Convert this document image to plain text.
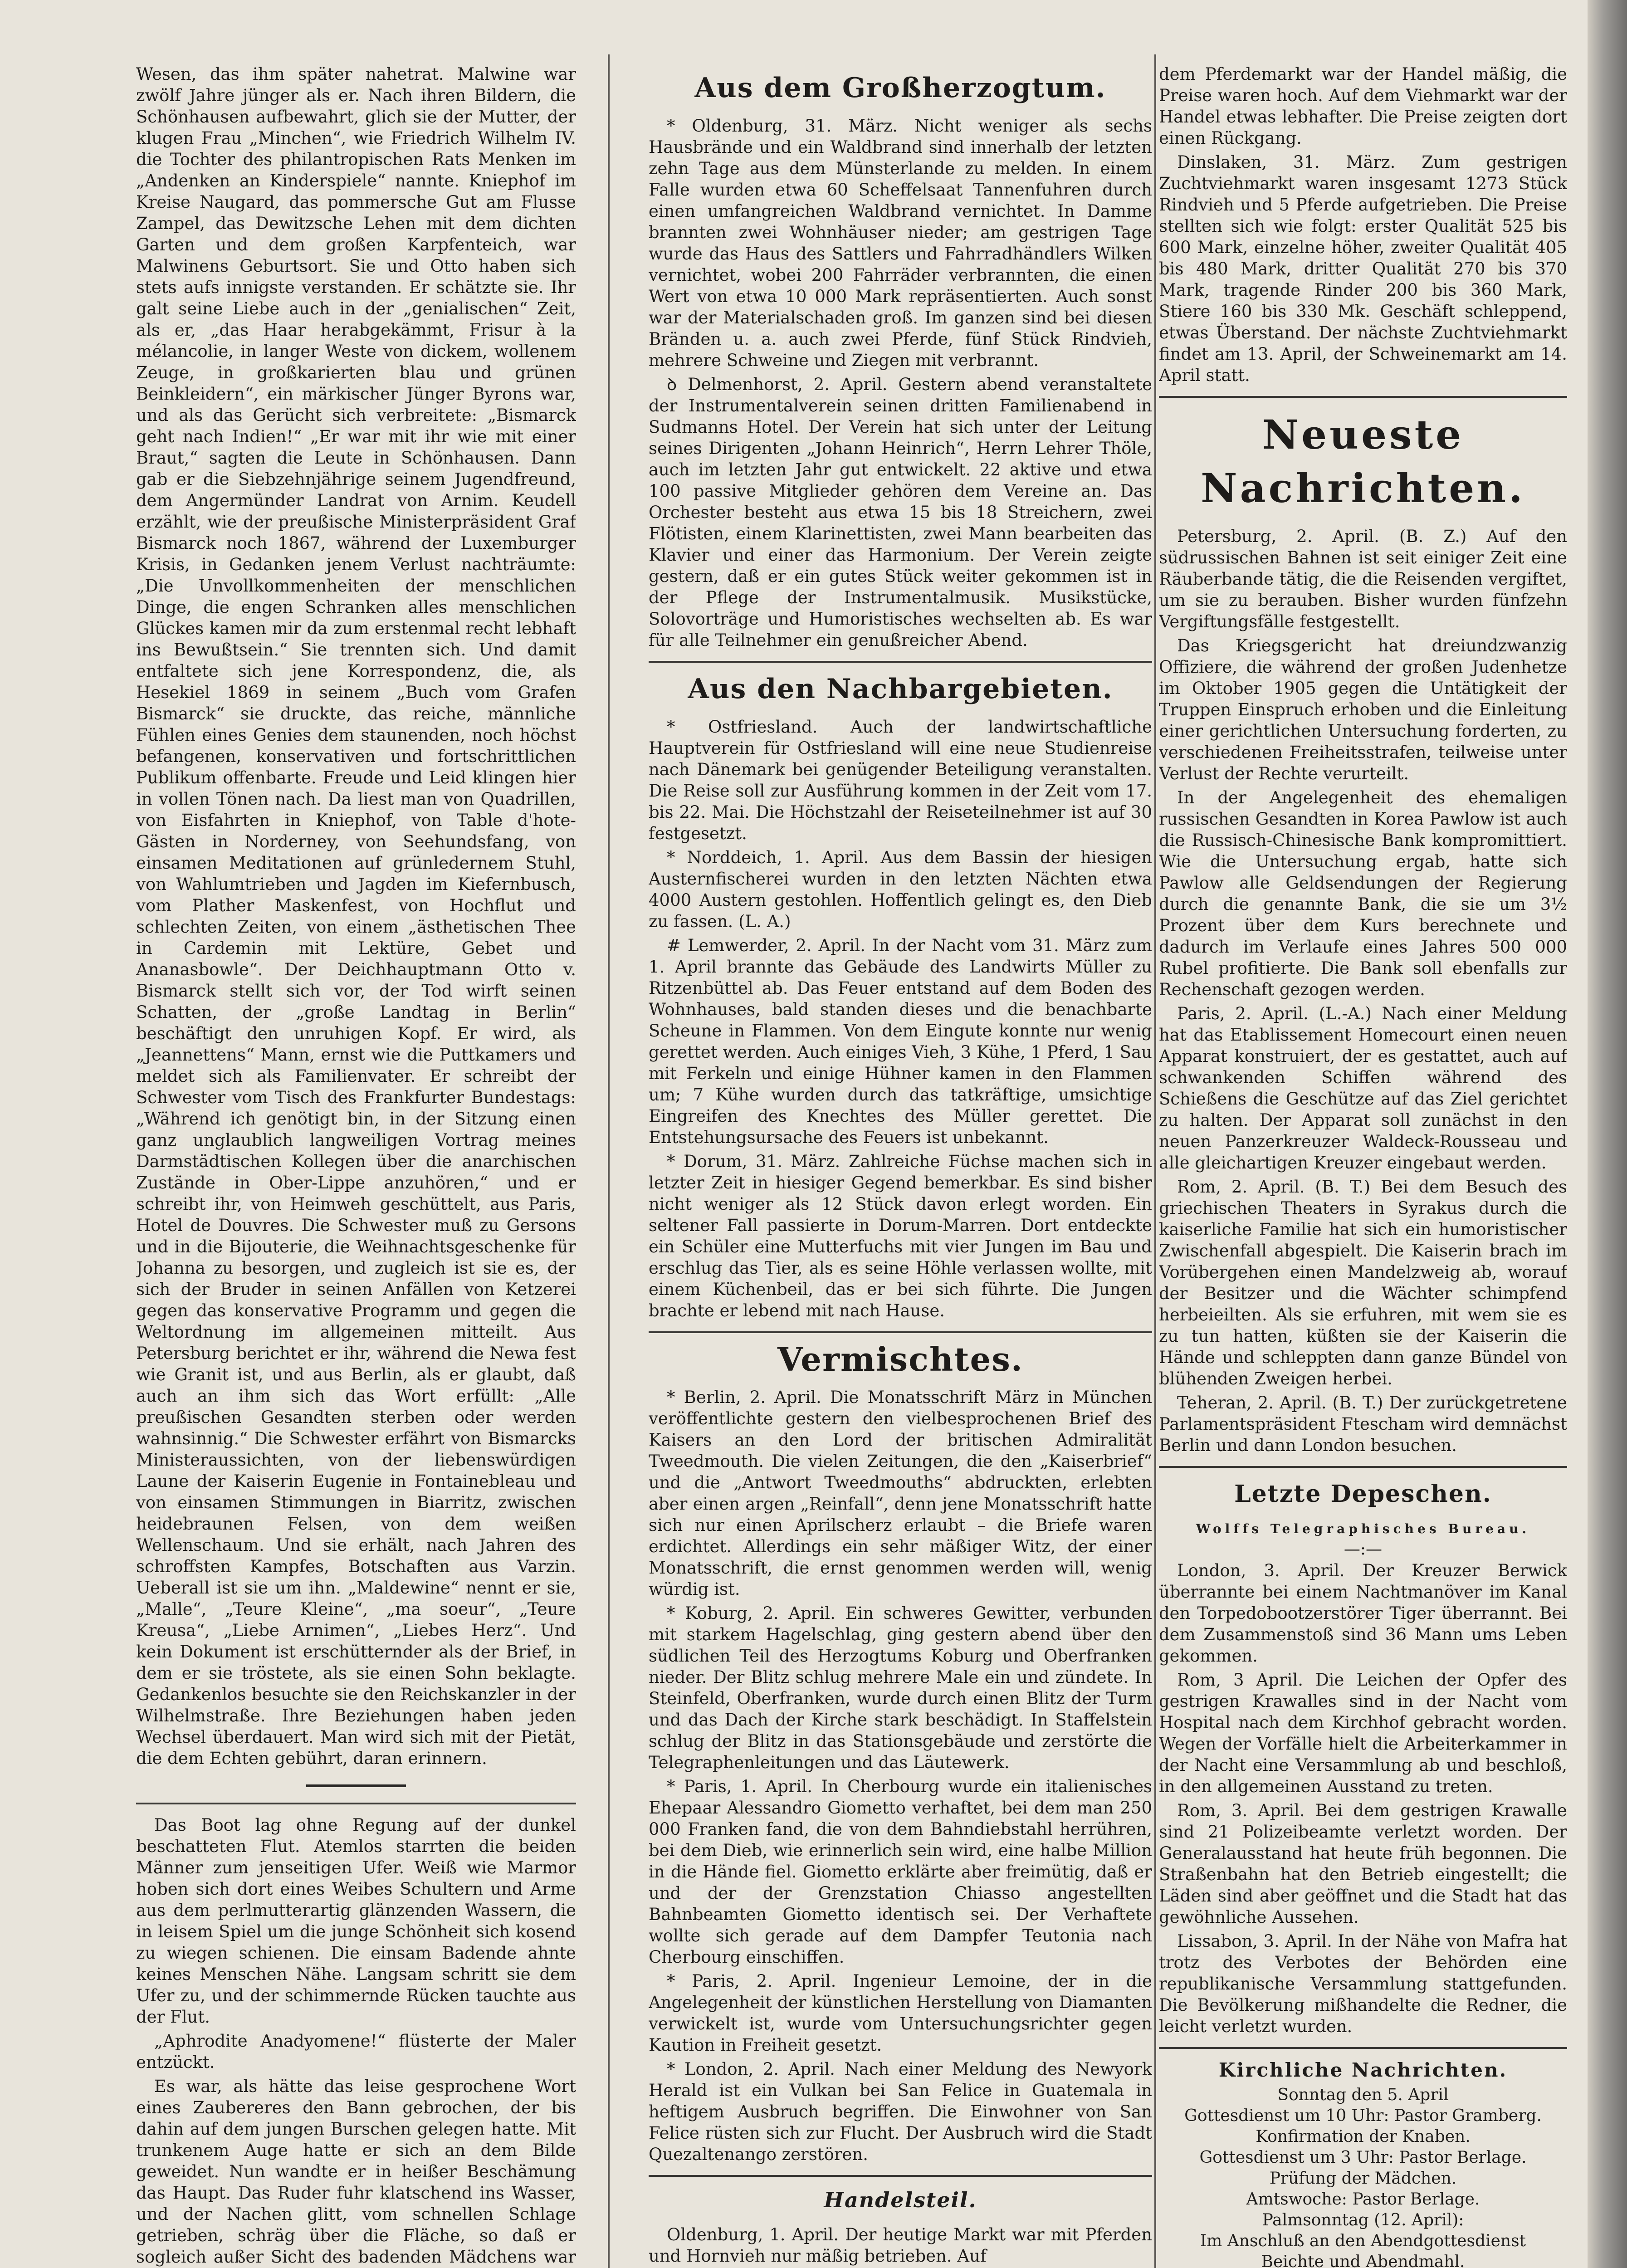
Wesen, das ihm später nahetrat. Malwine war zwölf Jahre jünger als er. Nach ihren Bildern, die Schönhausen aufbewahrt, glich sie der Mutter, der klugen Frau „Minchen“, wie Friedrich Wilhelm IV. die Tochter des philantropischen Rats Menken im „Andenken an Kinderspiele“ nannte. Kniephof im Kreise Naugard, das pommersche Gut am Flusse Zampel, das Dewitzsche Lehen mit dem dichten Garten und dem großen Karpfenteich, war Malwinens Geburtsort. Sie und Otto haben sich stets aufs innigste verstanden. Er schätzte sie. Ihr galt seine Liebe auch in der „genialischen“ Zeit, als er, „das Haar herabgekämmt, Frisur à la mélancolie, in langer Weste von dickem, wollenem Zeuge, in großkarierten blau und grünen Beinkleidern“, ein märkischer Jünger Byrons war, und als das Gerücht sich verbreitete: „Bismarck geht nach Indien!“ „Er war mit ihr wie mit einer Braut,“ sagten die Leute in Schönhausen. Dann gab er die Siebzehnjährige seinem Jugendfreund, dem Angermünder Landrat von Arnim. Keudell erzählt, wie der preußische Ministerpräsident Graf Bismarck noch 1867, während der Luxemburger Krisis, in Gedanken jenem Verlust nachträumte: „Die Unvollkommenheiten der menschlichen Dinge, die engen Schranken alles menschlichen Glückes kamen mir da zum erstenmal recht lebhaft ins Bewußtsein.“ Sie trennten sich. Und damit entfaltete sich jene Korrespondenz, die, als Hesekiel 1869 in seinem „Buch vom Grafen Bismarck“ sie druckte, das reiche, männliche Fühlen eines Genies dem staunenden, noch höchst befangenen, konservativen und fortschrittlichen Publikum offenbarte. Freude und Leid klingen hier in vollen Tönen nach. Da liest man von Quadrillen, von Eisfahrten in Kniephof, von Table d'hote-Gästen in Norderney, von Seehundsfang, von einsamen Meditationen auf grünledernem Stuhl, von Wahlumtrieben und Jagden im Kiefernbusch, vom Plather Maskenfest, von Hochflut und schlechten Zeiten, von einem „ästhetischen Thee in Cardemin mit Lektüre, Gebet und Ananasbowle“. Der Deichhauptmann Otto v. Bismarck stellt sich vor, der Tod wirft seinen Schatten, der „große Landtag in Berlin“ beschäftigt den unruhigen Kopf. Er wird, als „Jeannettens“ Mann, ernst wie die Puttkamers und meldet sich als Familienvater. Er schreibt der Schwester vom Tisch des Frankfurter Bundestags: „Während ich genötigt bin, in der Sitzung einen ganz unglaublich langweiligen Vortrag meines Darmstädtischen Kollegen über die anarchischen Zustände in Ober-Lippe anzuhören,“ und er schreibt ihr, von Heimweh geschüttelt, aus Paris, Hotel de Douvres. Die Schwester muß zu Gersons und in die Bijouterie, die Weihnachtsgeschenke für Johanna zu besorgen, und zugleich ist sie es, der sich der Bruder in seinen Anfällen von Ketzerei gegen das konservative Programm und gegen die Weltordnung im allgemeinen mitteilt. Aus Petersburg berichtet er ihr, während die Newa fest wie Granit ist, und aus Berlin, als er glaubt, daß auch an ihm sich das Wort erfüllt: „Alle preußischen Gesandten sterben oder werden wahnsinnig.“ Die Schwester erfährt von Bismarcks Ministeraussichten, von der liebenswürdigen Laune der Kaiserin Eugenie in Fontainebleau und von einsamen Stimmungen in Biarritz, zwischen heidebraunen Felsen, von dem weißen Wellenschaum. Und sie erhält, nach Jahren des schroffsten Kampfes, Botschaften aus Varzin. Ueberall ist sie um ihn. „Maldewine“ nennt er sie, „Malle“, „Teure Kleine“, „ma soeur“, „Teure Kreusa“, „Liebe Arnimen“, „Liebes Herz“. Und kein Dokument ist erschütternder als der Brief, in dem er sie tröstete, als sie einen Sohn beklagte. Gedankenlos besuchte sie den Reichskanzler in der Wilhelmstraße. Ihre Beziehungen haben jeden Wechsel überdauert. Man wird sich mit der Pietät, die dem Echten gebührt, daran erinnern.

Das Boot lag ohne Regung auf der dunkel beschatteten Flut. Atemlos starrten die beiden Männer zum jenseitigen Ufer. Weiß wie Marmor hoben sich dort eines Weibes Schultern und Arme aus dem perlmutterartig glänzenden Wassern, die in leisem Spiel um die junge Schönheit sich kosend zu wiegen schienen. Die einsam Badende ahnte keines Menschen Nähe. Langsam schritt sie dem Ufer zu, und der schimmernde Rücken tauchte aus der Flut.

„Aphrodite Anadyomene!“ flüsterte der Maler entzückt.

Es war, als hätte das leise gesprochene Wort eines Zaubereres den Bann gebrochen, der bis dahin auf dem jungen Burschen gelegen hatte. Mit trunkenem Auge hatte er sich an dem Bilde geweidet. Nun wandte er in heißer Beschämung das Haupt. Das Ruder fuhr klatschend ins Wasser, und der Nachen glitt, vom schnellen Schlage getrieben, schräg über die Fläche, so daß er sogleich außer Sicht des badenden Mädchens war

Aus dem Großherzogtum.

* Oldenburg, 31. März. Nicht weniger als sechs Hausbrände und ein Waldbrand sind innerhalb der letzten zehn Tage aus dem Münsterlande zu melden. In einem Falle wurden etwa 60 Scheffelsaat Tannenfuhren durch einen umfangreichen Waldbrand vernichtet. In Damme brannten zwei Wohnhäuser nieder; am gestrigen Tage wurde das Haus des Sattlers und Fahrradhändlers Wilken vernichtet, wobei 200 Fahrräder verbrannten, die einen Wert von etwa 10 000 Mark repräsentierten. Auch sonst war der Materialschaden groß. Im ganzen sind bei diesen Bränden u. a. auch zwei Pferde, fünf Stück Rindvieh, mehrere Schweine und Ziegen mit verbrannt.

ꝺ Delmenhorst, 2. April. Gestern abend veranstaltete der Instrumentalverein seinen dritten Familienabend in Sudmanns Hotel. Der Verein hat sich unter der Leitung seines Dirigenten „Johann Heinrich“, Herrn Lehrer Thöle, auch im letzten Jahr gut entwickelt. 22 aktive und etwa 100 passive Mitglieder gehören dem Vereine an. Das Orchester besteht aus etwa 15 bis 18 Streichern, zwei Flötisten, einem Klarinettisten, zwei Mann bearbeiten das Klavier und einer das Harmonium. Der Verein zeigte gestern, daß er ein gutes Stück weiter gekommen ist in der Pflege der Instrumentalmusik. Musikstücke, Solovorträge und Humoristisches wechselten ab. Es war für alle Teilnehmer ein genußreicher Abend.

Aus den Nachbargebieten.

* Ostfriesland. Auch der landwirtschaftliche Hauptverein für Ostfriesland will eine neue Studienreise nach Dänemark bei genügender Beteiligung veranstalten. Die Reise soll zur Ausführung kommen in der Zeit vom 17. bis 22. Mai. Die Höchstzahl der Reiseteilnehmer ist auf 30 festgesetzt.

* Norddeich, 1. April. Aus dem Bassin der hiesigen Austernfischerei wurden in den letzten Nächten etwa 4000 Austern gestohlen. Hoffentlich gelingt es, den Dieb zu fassen. (L. A.)

# Lemwerder, 2. April. In der Nacht vom 31. März zum 1. April brannte das Gebäude des Landwirts Müller zu Ritzenbüttel ab. Das Feuer entstand auf dem Boden des Wohnhauses, bald standen dieses und die benachbarte Scheune in Flammen. Von dem Eingute konnte nur wenig gerettet werden. Auch einiges Vieh, 3 Kühe, 1 Pferd, 1 Sau mit Ferkeln und einige Hühner kamen in den Flammen um; 7 Kühe wurden durch das tatkräftige, umsichtige Eingreifen des Knechtes des Müller gerettet. Die Entstehungsursache des Feuers ist unbekannt.

* Dorum, 31. März. Zahlreiche Füchse machen sich in letzter Zeit in hiesiger Gegend bemerkbar. Es sind bisher nicht weniger als 12 Stück davon erlegt worden. Ein seltener Fall passierte in Dorum-Marren. Dort entdeckte ein Schüler eine Mutterfuchs mit vier Jungen im Bau und erschlug das Tier, als es seine Höhle verlassen wollte, mit einem Küchenbeil, das er bei sich führte. Die Jungen brachte er lebend mit nach Hause.

Vermischtes.

* Berlin, 2. April. Die Monatsschrift März in München veröffentlichte gestern den vielbesprochenen Brief des Kaisers an den Lord der britischen Admiralität Tweedmouth. Die vielen Zeitungen, die den „Kaiserbrief“ und die „Antwort Tweedmouths“ abdruckten, erlebten aber einen argen „Reinfall“, denn jene Monatsschrift hatte sich nur einen Aprilscherz erlaubt – die Briefe waren erdichtet. Allerdings ein sehr mäßiger Witz, der einer Monatsschrift, die ernst genommen werden will, wenig würdig ist.

* Koburg, 2. April. Ein schweres Gewitter, verbunden mit starkem Hagelschlag, ging gestern abend über den südlichen Teil des Herzogtums Koburg und Oberfranken nieder. Der Blitz schlug mehrere Male ein und zündete. In Steinfeld, Oberfranken, wurde durch einen Blitz der Turm und das Dach der Kirche stark beschädigt. In Staffelstein schlug der Blitz in das Stationsgebäude und zerstörte die Telegraphenleitungen und das Läutewerk.

* Paris, 1. April. In Cherbourg wurde ein italienisches Ehepaar Alessandro Giometto verhaftet, bei dem man 250 000 Franken fand, die von dem Bahndiebstahl herrühren, bei dem Dieb, wie erinnerlich sein wird, eine halbe Million in die Hände fiel. Giometto erklärte aber freimütig, daß er und der der Grenzstation Chiasso angestellten Bahnbeamten Giometto identisch sei. Der Verhaftete wollte sich gerade auf dem Dampfer Teutonia nach Cherbourg einschiffen.

* Paris, 2. April. Ingenieur Lemoine, der in die Angelegenheit der künstlichen Herstellung von Diamanten verwickelt ist, wurde vom Untersuchungsrichter gegen Kaution in Freiheit gesetzt.

* London, 2. April. Nach einer Meldung des Newyork Herald ist ein Vulkan bei San Felice in Guatemala in heftigem Ausbruch begriffen. Die Einwohner von San Felice rüsten sich zur Flucht. Der Ausbruch wird die Stadt Quezaltenango zerstören.

Handelsteil.

Oldenburg, 1. April. Der heutige Markt war mit Pferden und Hornvieh nur mäßig betrieben. Auf

dem Pferdemarkt war der Handel mäßig, die Preise waren hoch. Auf dem Viehmarkt war der Handel etwas lebhafter. Die Preise zeigten dort einen Rückgang.

Dinslaken, 31. März. Zum gestrigen Zuchtviehmarkt waren insgesamt 1273 Stück Rindvieh und 5 Pferde aufgetrieben. Die Preise stellten sich wie folgt: erster Qualität 525 bis 600 Mark, einzelne höher, zweiter Qualität 405 bis 480 Mark, dritter Qualität 270 bis 370 Mark, tragende Rinder 200 bis 360 Mark, Stiere 160 bis 330 Mk. Geschäft schleppend, etwas Überstand. Der nächste Zuchtviehmarkt findet am 13. April, der Schweinemarkt am 14. April statt.

Neueste Nachrichten.

Petersburg, 2. April. (B. Z.) Auf den südrussischen Bahnen ist seit einiger Zeit eine Räuberbande tätig, die die Reisenden vergiftet, um sie zu berauben. Bisher wurden fünfzehn Vergiftungsfälle festgestellt.

Das Kriegsgericht hat dreiundzwanzig Offiziere, die während der großen Judenhetze im Oktober 1905 gegen die Untätigkeit der Truppen Einspruch erhoben und die Einleitung einer gerichtlichen Untersuchung forderten, zu verschiedenen Freiheitsstrafen, teilweise unter Verlust der Rechte verurteilt.

In der Angelegenheit des ehemaligen russischen Gesandten in Korea Pawlow ist auch die Russisch-Chinesische Bank kompromittiert. Wie die Untersuchung ergab, hatte sich Pawlow alle Geldsendungen der Regierung durch die genannte Bank, die sie um 3½ Prozent über dem Kurs berechnete und dadurch im Verlaufe eines Jahres 500 000 Rubel profitierte. Die Bank soll ebenfalls zur Rechenschaft gezogen werden.

Paris, 2. April. (L.-A.) Nach einer Meldung hat das Etablissement Homecourt einen neuen Apparat konstruiert, der es gestattet, auch auf schwankenden Schiffen während des Schießens die Geschütze auf das Ziel gerichtet zu halten. Der Apparat soll zunächst in den neuen Panzerkreuzer Waldeck-Rousseau und alle gleichartigen Kreuzer eingebaut werden.

Rom, 2. April. (B. T.) Bei dem Besuch des griechischen Theaters in Syrakus durch die kaiserliche Familie hat sich ein humoristischer Zwischenfall abgespielt. Die Kaiserin brach im Vorübergehen einen Mandelzweig ab, worauf der Besitzer und die Wächter schimpfend herbeieilten. Als sie erfuhren, mit wem sie es zu tun hatten, küßten sie der Kaiserin die Hände und schleppten dann ganze Bündel von blühenden Zweigen herbei.

Teheran, 2. April. (B. T.) Der zurückgetretene Parlamentspräsident Ftescham wird demnächst Berlin und dann London besuchen.

Letzte Depeschen.

Wolffs Telegraphisches Bureau.

—:—

London, 3. April. Der Kreuzer Berwick überrannte bei einem Nachtmanöver im Kanal den Torpedobootzerstörer Tiger überrannt. Bei dem Zusammenstoß sind 36 Mann ums Leben gekommen.

Rom, 3 April. Die Leichen der Opfer des gestrigen Krawalles sind in der Nacht vom Hospital nach dem Kirchhof gebracht worden. Wegen der Vorfälle hielt die Arbeiterkammer in der Nacht eine Versammlung ab und beschloß, in den allgemeinen Ausstand zu treten.

Rom, 3. April. Bei dem gestrigen Krawalle sind 21 Polizeibeamte verletzt worden. Der Generalausstand hat heute früh begonnen. Die Straßenbahn hat den Betrieb eingestellt; die Läden sind aber geöffnet und die Stadt hat das gewöhnliche Aussehen.

Lissabon, 3. April. In der Nähe von Mafra hat trotz des Verbotes der Behörden eine republikanische Versammlung stattgefunden. Die Bevölkerung mißhandelte die Redner, die leicht verletzt wurden.

Kirchliche Nachrichten.

Sonntag den 5. April

Gottesdienst um 10 Uhr: Pastor Gramberg.

Konfirmation der Knaben.

Gottesdienst um 3 Uhr: Pastor Berlage.

Prüfung der Mädchen.

Amtswoche: Pastor Berlage.

Palmsonntag (12. April):

Im Anschluß an den Abendgottesdienst

Beichte und Abendmahl.
